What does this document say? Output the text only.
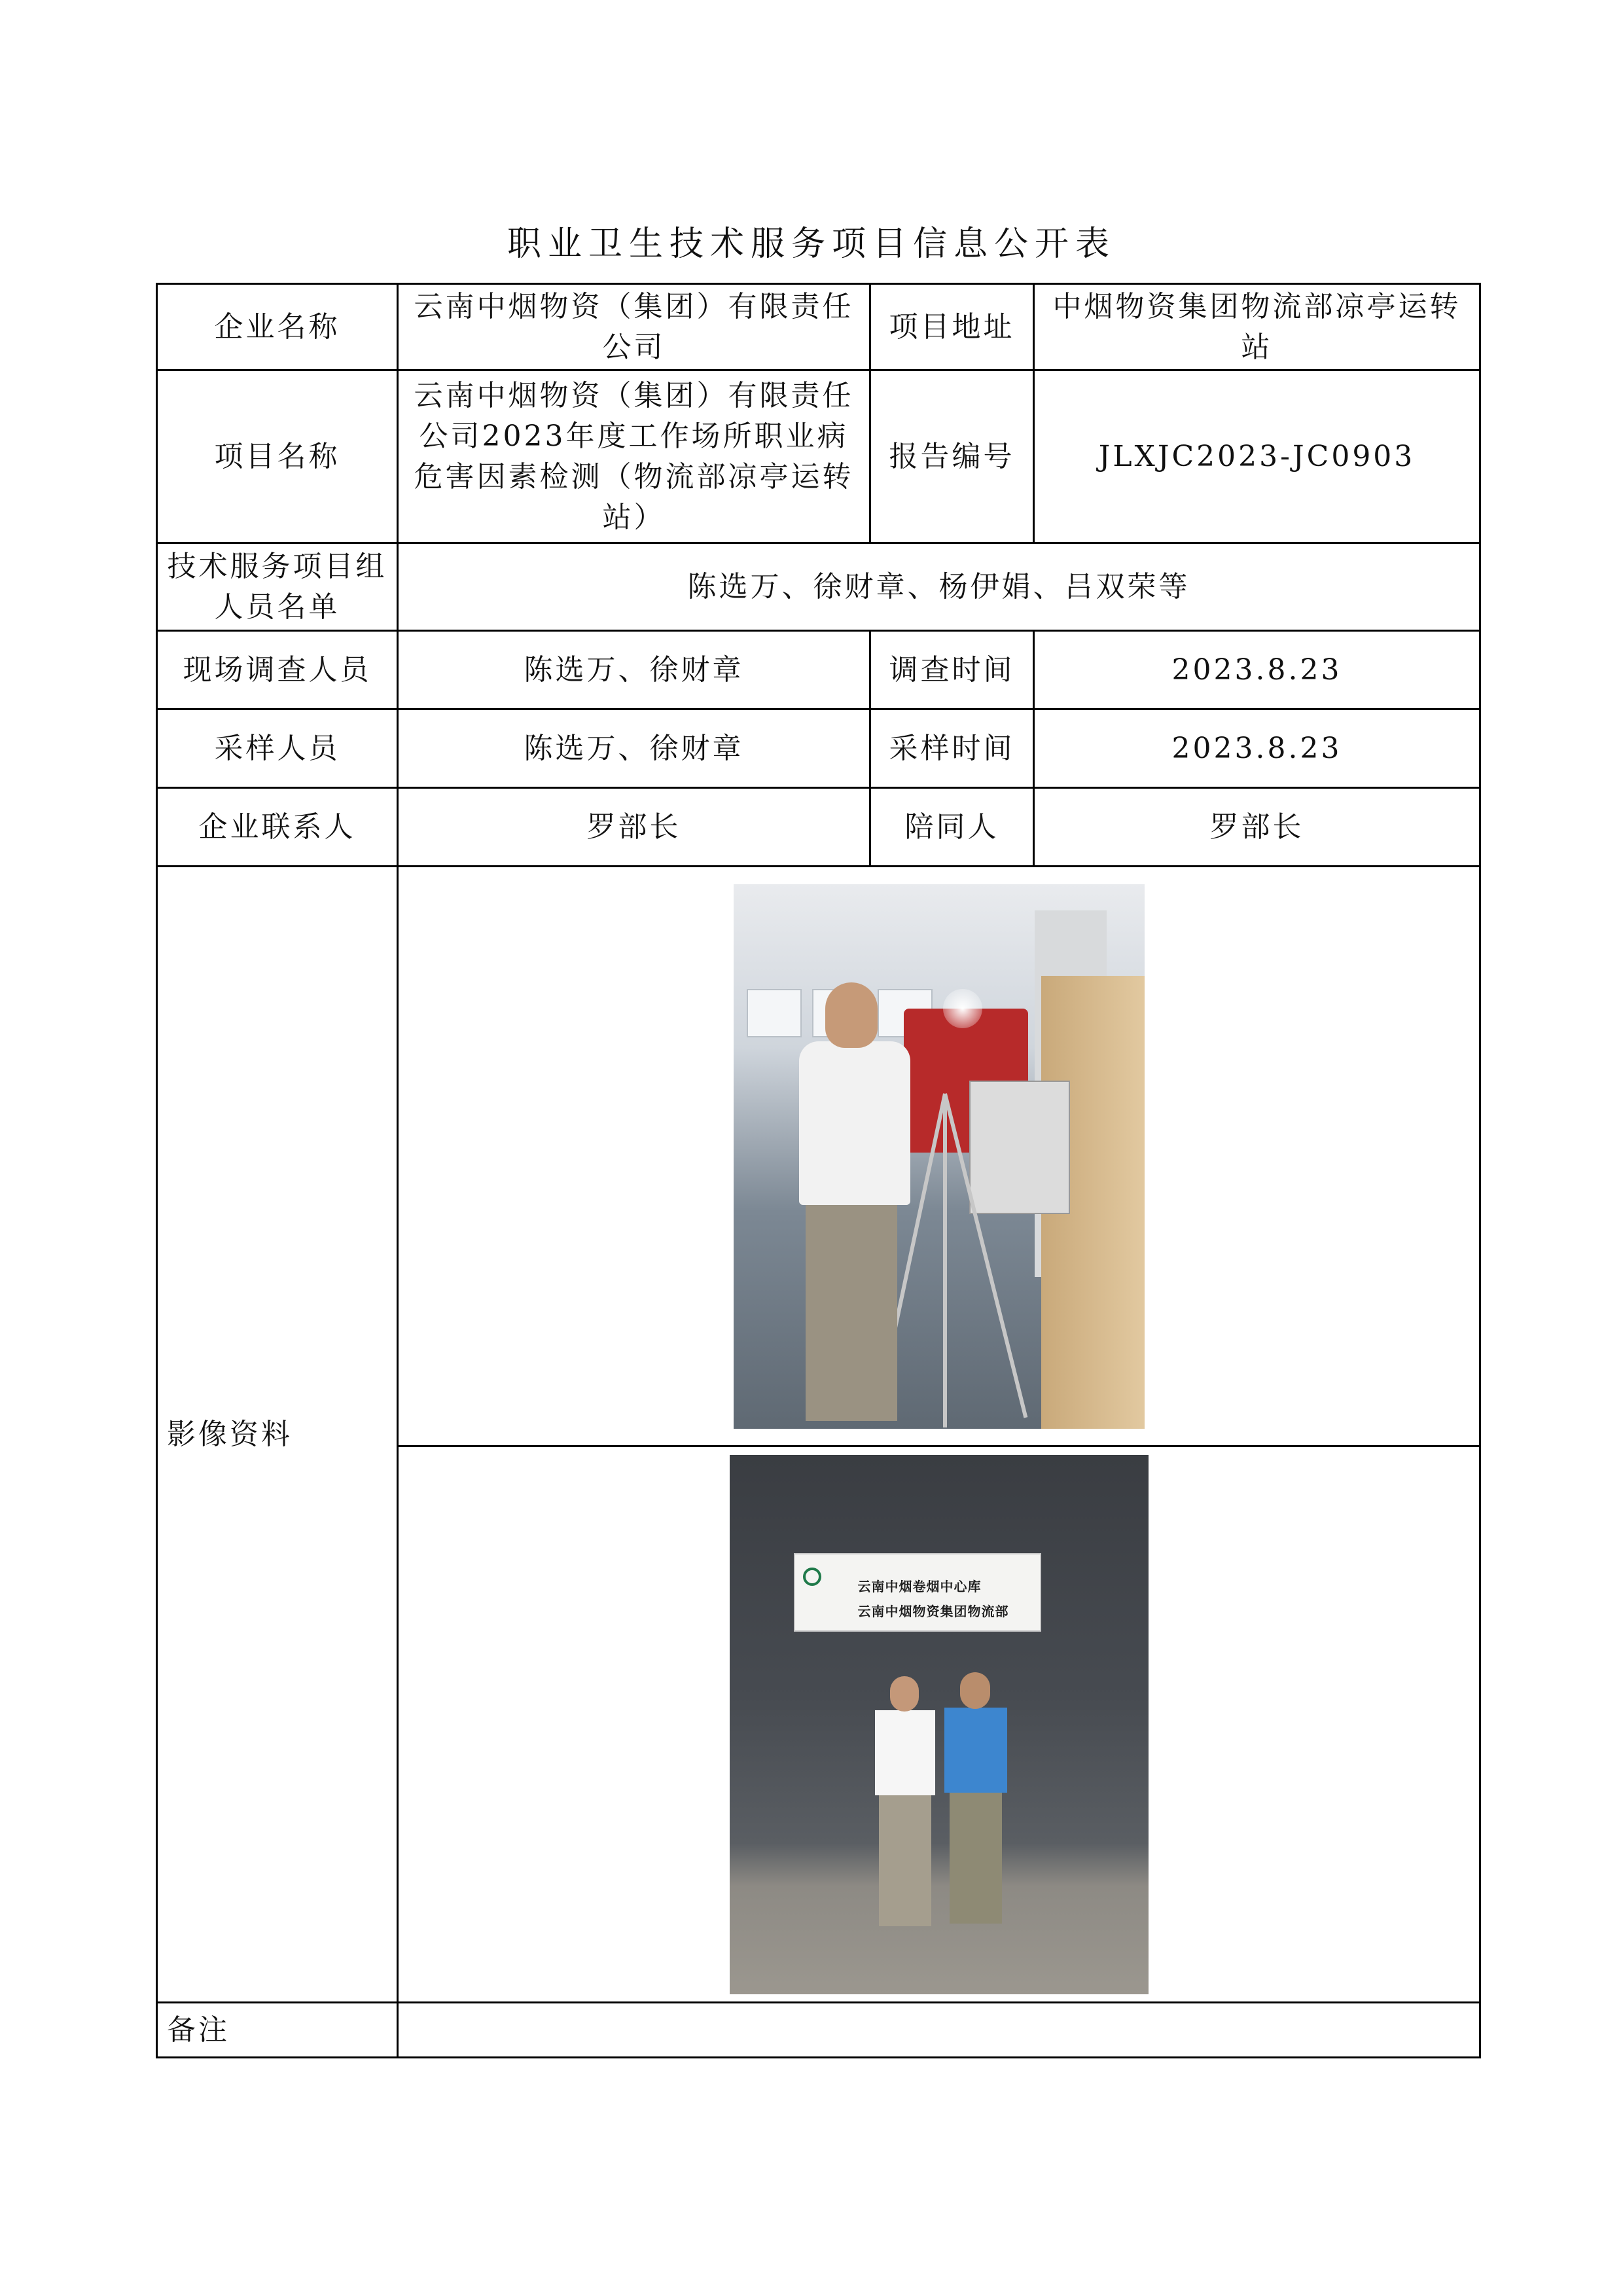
职业卫生技术服务项目信息公开表
企业名称	云南中烟物资（集团）有限责任公司	项目地址	中烟物资集团物流部凉亭运转站
项目名称	云南中烟物资（集团）有限责任公司2023年度工作场所职业病危害因素检测（物流部凉亭运转站）	报告编号	JLXJC2023-JC0903
技术服务项目组人员名单	陈选万、徐财章、杨伊娟、吕双荣等		
现场调查人员	陈选万、徐财章	调查时间	2023.8.23
采样人员	陈选万、徐财章	采样时间	2023.8.23
企业联系人	罗部长	陪同人	罗部长
影像资料			

	云南中烟卷烟中心库
云南中烟物资集团物流部		

备注			
